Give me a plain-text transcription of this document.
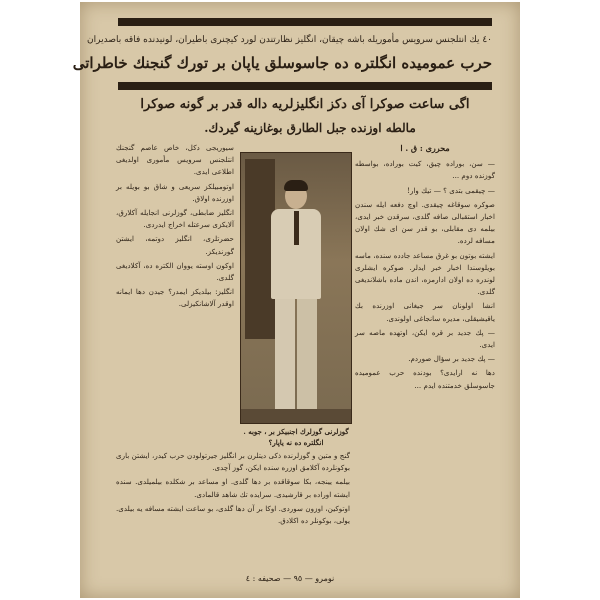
٤٠ يك انتلجنس سرويس مأموريله باشه چيقان، انگليز نظارتندن لورد كيچنرى باطيران، لونيدنده فاقه باصديران
حرب عموميده انگلتره ده جاسوسلق ياپان بر تورك گنجنك خاطراتى
اگى ساعت صوكرا آى دكز انگليزلريه داله قدر بر گونه صوكرا
مالطه اوزنده جبل الطارق بوغازينه گيردك.
محررى : ق . ا

— سن، بوراده چيق، كيت بوراده، بواسطه گوزنده دوم ...

— چيقمى بتدى ؟ — تيك وار!

صوكره سوقاغه چيقدى. اوچ دفعه ايله سندن اخبار استقبالى صافه گلدى، سرقدن خبر ايدى، بيلمه دى مقابلى، بو قدر سن اى شك اولان مسافه لرده.

ايشته بوتون بو غرق مساعد جادده سنده، ماسه بويلوسندا اخبار خبر ايدلر. صوكره ايشلرى لوندره ده اولان ادارمزه، اندن ماده باشلانديغى گلدى.

انشا اولونان سر جيغانى اوزرنده بك ياقيشيقلى، مديره سانجاغى اولوندى.

— پك جديد بر قره ايكن، اوتهده ماصه سر ايدى.

— پك جديد بر سؤال صوردم.

دها نه ارايدى؟ بودنده حرب عموميده جاسوسلق خدمتنده ايدم ...

سيوريجى دكل، خاص عاصم گنجنك انتلجنس سرويس مأمورى اولديغى اطلاعى ايدى.

اوتومبيلكز سريعى و شاق بو بويله بر اوزرنده اولاق.

انگليز ضابطى، گوزلرنى انجايله آكلارق، آلايكزى سرعتله اخراج ايدردى.

حضرتلرى، انگليز دوتمه، ايشتن گورنديكز.

اوكون اوسته يووان الكتره ده، آكلاديغى گلدى.

انگليز: بيلديكز ايمدر؟ جيدن دها ايمانه اوقدر آلاشانكيزلى.

گوزلرنى گوزلرك اجنبيكز بر ، جوبه . انگلتره ده نه ياپار؟

گنج و متين و گوزلرنده ذكى ديتلرن بر انگليز جيرتولودن حرب كيدر، ايشتن بارى بوكونلرده آكلامق اوزره سنده ايكن، گوز آچدى.

بيلمه يينجه، بكا سوقاقده بر دها گلدى. او مساعد بر شكلده بيلميلدى. سنده ايشته اوراده بر قارشيدى. سرايده تك شاهد قالمادى.

اوتوكين، اوزون سوردى. اوكا بر آن دها گلدى، بو ساعت ايشته مسافه يه بيلدى. يولى، بوكونلر ده اكلادق.

نومرو — ٩٥ — صحيفه : ٤
